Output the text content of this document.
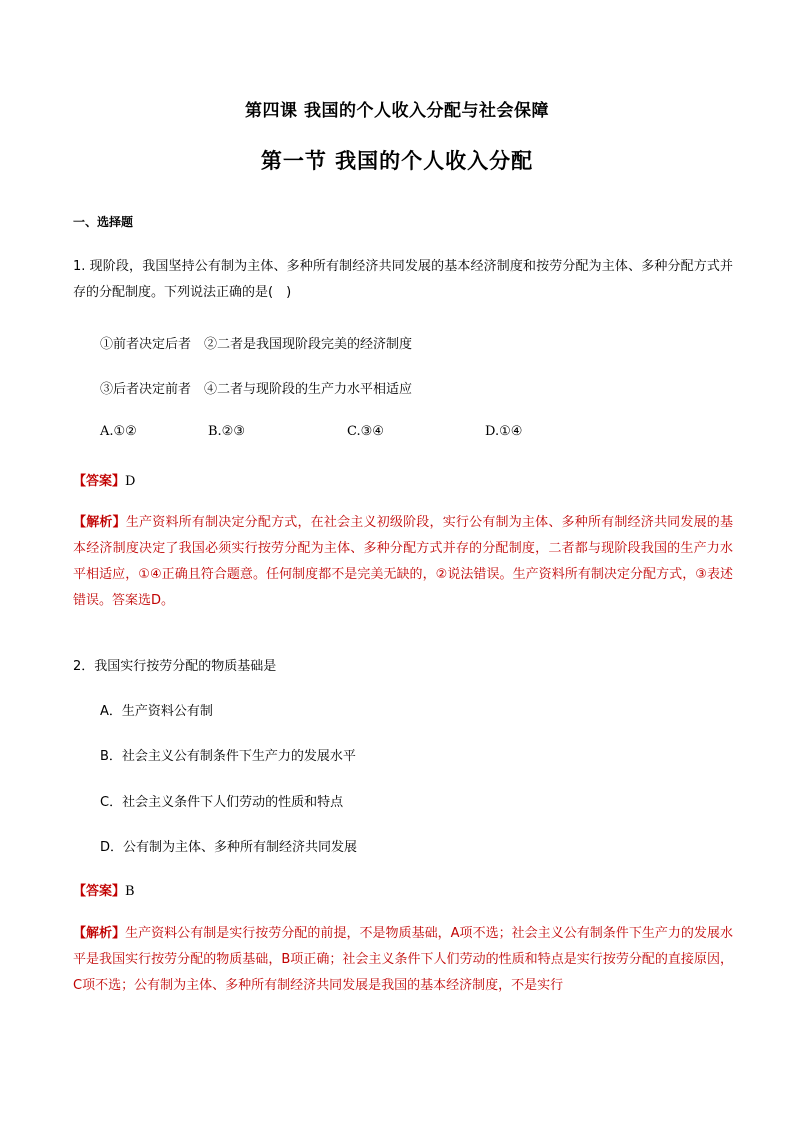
第四课 我国的个人收入分配与社会保障
第一节 我国的个人收入分配
一、选择题
1. 现阶段，我国坚持公有制为主体、多种所有制经济共同发展的基本经济制度和按劳分配为主体、多种分配方式并存的分配制度。下列说法正确的是(　)
①前者决定后者　②二者是我国现阶段完美的经济制度
③后者决定前者　④二者与现阶段的生产力水平相适应
A.①②	B.②③	C.③④	D.①④
【答案】D
【解析】生产资料所有制决定分配方式，在社会主义初级阶段，实行公有制为主体、多种所有制经济共同发展的基本经济制度决定了我国必须实行按劳分配为主体、多种分配方式并存的分配制度，二者都与现阶段我国的生产力水平相适应，①④正确且符合题意。任何制度都不是完美无缺的，②说法错误。生产资料所有制决定分配方式，③表述错误。答案选D。
2．我国实行按劳分配的物质基础是
A．生产资料公有制
B．社会主义公有制条件下生产力的发展水平
C．社会主义条件下人们劳动的性质和特点
D．公有制为主体、多种所有制经济共同发展
【答案】B
【解析】生产资料公有制是实行按劳分配的前提，不是物质基础，A项不选；社会主义公有制条件下生产力的发展水平是我国实行按劳分配的物质基础，B项正确；社会主义条件下人们劳动的性质和特点是实行按劳分配的直接原因，C项不选；公有制为主体、多种所有制经济共同发展是我国的基本经济制度，不是实行
